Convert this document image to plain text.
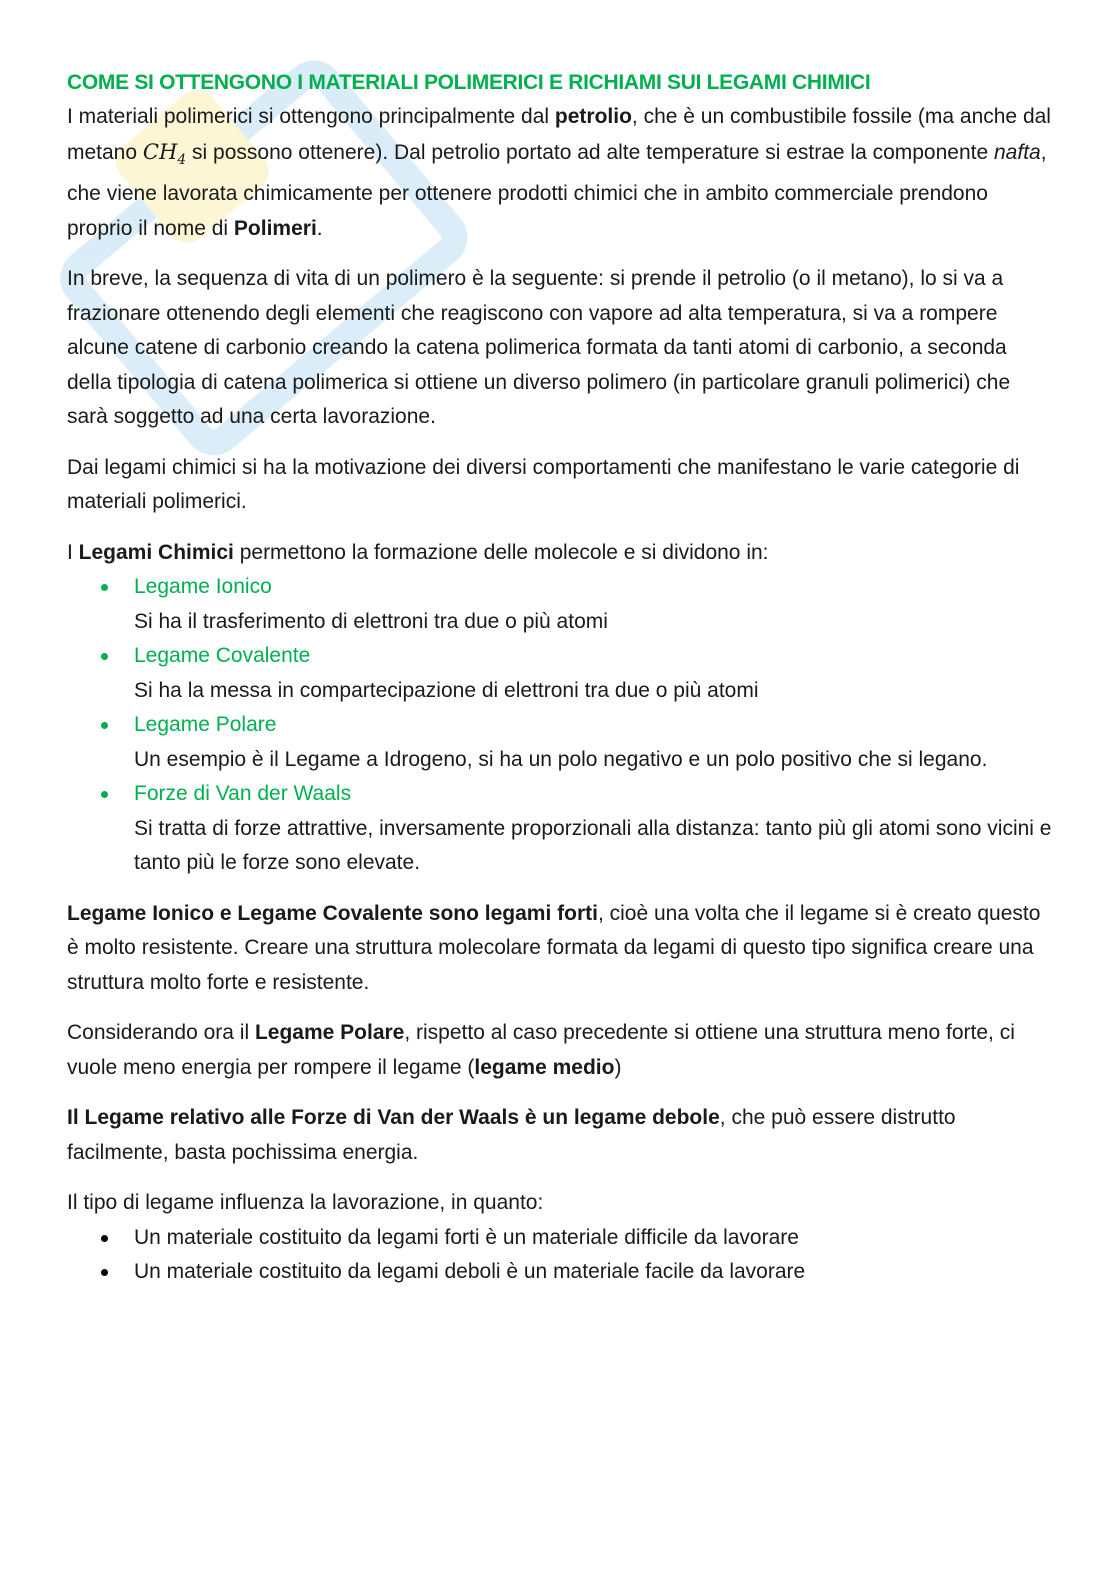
COME SI OTTENGONO I MATERIALI POLIMERICI E RICHIAMI SUI LEGAMI CHIMICI

I materiali polimerici si ottengono principalmente dal petrolio, che è un combustibile fossile (ma anche dal metano $CH_4$ si possono ottenere). Dal petrolio portato ad alte temperature si estrae la componente nafta, che viene lavorata chimicamente per ottenere prodotti chimici che in ambito commerciale prendono proprio il nome di Polimeri.

In breve, la sequenza di vita di un polimero è la seguente: si prende il petrolio (o il metano), lo si va a frazionare ottenendo degli elementi che reagiscono con vapore ad alta temperatura, si va a rompere alcune catene di carbonio creando la catena polimerica formata da tanti atomi di carbonio, a seconda della tipologia di catena polimerica si ottiene un diverso polimero (in particolare granuli polimerici) che sarà soggetto ad una certa lavorazione.

Dai legami chimici si ha la motivazione dei diversi comportamenti che manifestano le varie categorie di materiali polimerici.

I Legami Chimici permettono la formazione delle molecole e si dividono in:

Legame Ionico
Si ha il trasferimento di elettroni tra due o più atomi
Legame Covalente
Si ha la messa in compartecipazione di elettroni tra due o più atomi
Legame Polare
Un esempio è il Legame a Idrogeno, si ha un polo negativo e un polo positivo che si legano.
Forze di Van der Waals
Si tratta di forze attrattive, inversamente proporzionali alla distanza: tanto più gli atomi sono vicini e tanto più le forze sono elevate.

Legame Ionico e Legame Covalente sono legami forti, cioè una volta che il legame si è creato questo è molto resistente. Creare una struttura molecolare formata da legami di questo tipo significa creare una struttura molto forte e resistente.

Considerando ora il Legame Polare, rispetto al caso precedente si ottiene una struttura meno forte, ci vuole meno energia per rompere il legame (legame medio)

Il Legame relativo alle Forze di Van der Waals è un legame debole, che può essere distrutto facilmente, basta pochissima energia.

Il tipo di legame influenza la lavorazione, in quanto:

Un materiale costituito da legami forti è un materiale difficile da lavorare
Un materiale costituito da legami deboli è un materiale facile da lavorare
